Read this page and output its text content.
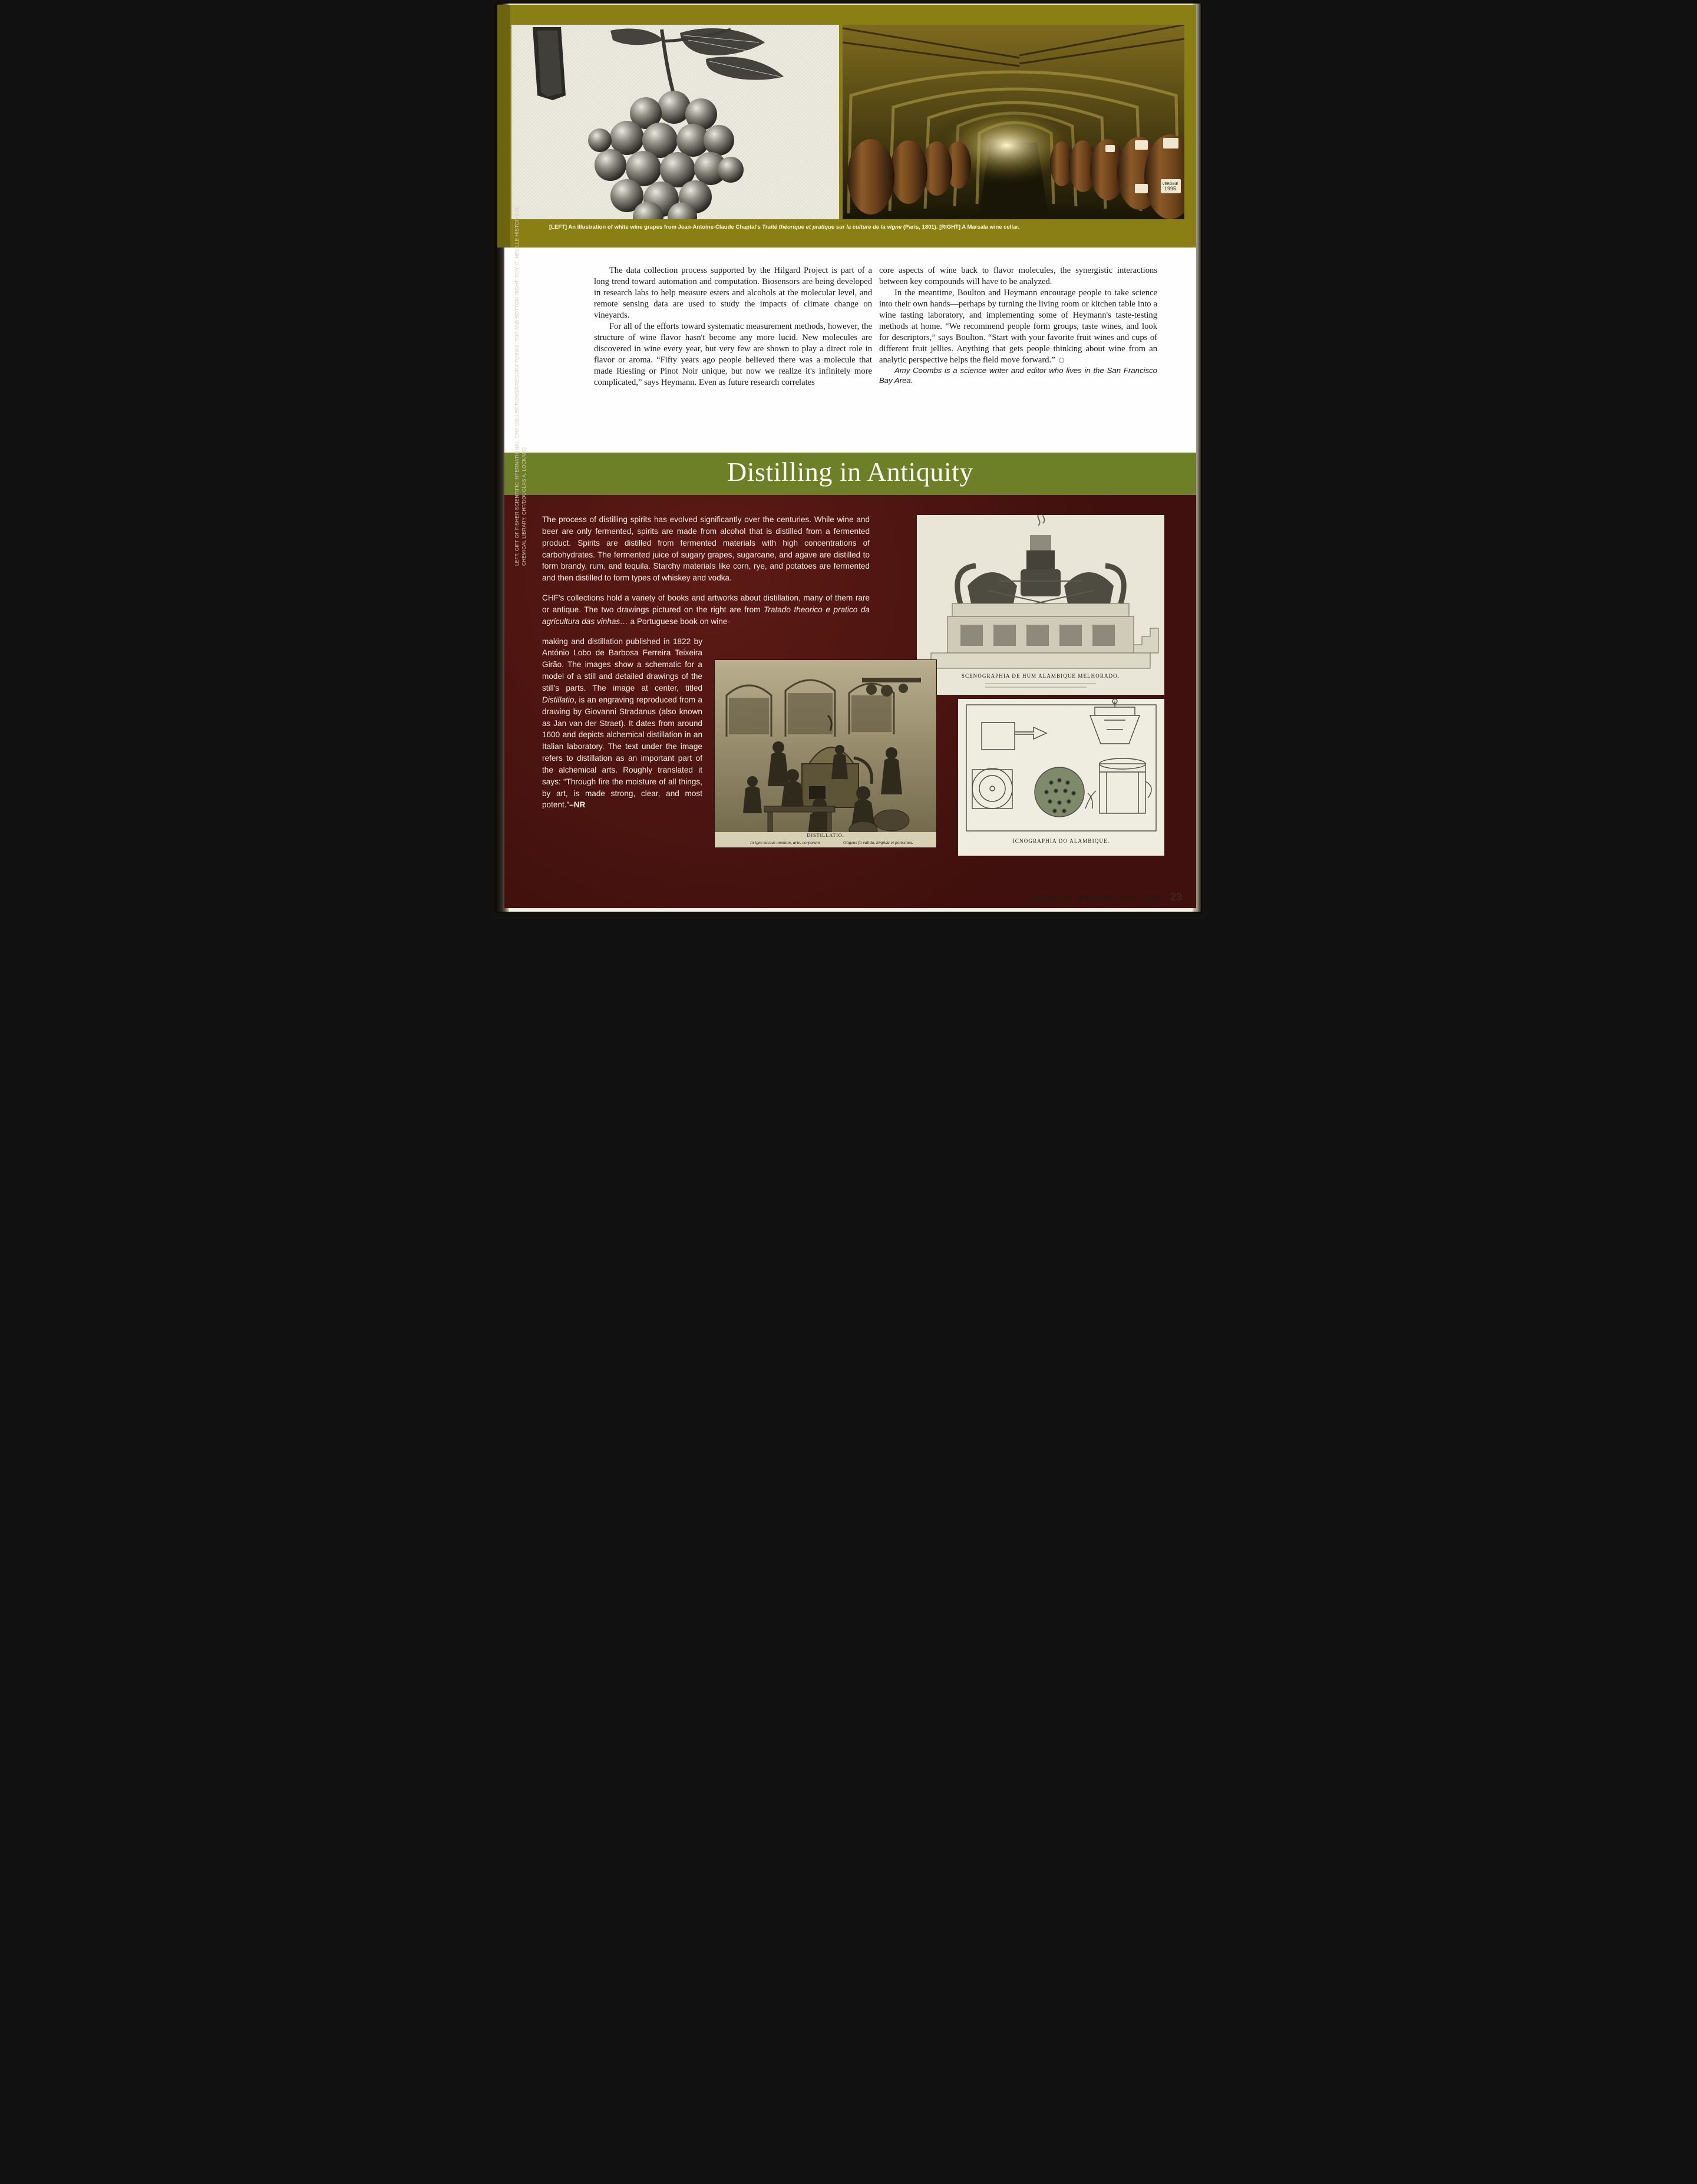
1995
VERGINE
[LEFT] An illustration of white wine grapes from Jean-Antoine-Claude Chaptal's Traité théorique et pratique sur la culture de la vigne (Paris, 1801). [RIGHT] A Marsala wine cellar.

The data collection process supported by the Hilgard Project is part of a long trend toward automation and computation. Biosensors are being developed in research labs to help measure esters and alcohols at the molecular level, and remote sensing data are used to study the impacts of climate change on vineyards.

For all of the efforts toward systematic measurement methods, however, the structure of wine flavor hasn't become any more lucid. New molecules are discovered in wine every year, but very few are shown to play a direct role in flavor or aroma. “Fifty years ago people believed there was a molecule that made Riesling or Pinot Noir unique, but now we realize it's infinitely more complicated,” says Heymann. Even as future research correlates

core aspects of wine back to flavor molecules, the synergistic interactions between key compounds will have to be analyzed.

In the meantime, Boulton and Heymann encourage people to take science into their own hands—perhaps by turning the living room or kitchen table into a wine tasting laboratory, and implementing some of Heymann's taste-testing methods at home. “We recommend people form groups, taste wines, and look for descriptors,” says Boulton. “Start with your favorite fruit wines and cups of different fruit jellies. Anything that gets people thinking about wine from an analytic perspective helps the field move forward.”

Amy Coombs is a science writer and editor who lives in the San Francisco Bay Area.

Distilling in Antiquity
LEFT: GIFT OF FISHER SCIENTIFIC INTERNATIONAL, CHF COLLECTIONS/GREGORY TOBIAS; TOP AND BOTTOM RIGHT: ROY G. NEVILLE HISTORICAL CHEMICAL LIBRARY, CHF/DOUGLAS A. LOCKARD The process of distilling spirits has evolved significantly over the centuries. While wine and beer are only fermented, spirits are made from alcohol that is distilled from a fermented product. Spirits are distilled from fermented materials with high concentrations of carbohydrates. The fermented juice of sugary grapes, sugarcane, and agave are distilled to form brandy, rum, and tequila. Starchy materials like corn, rye, and potatoes are fermented and then distilled to form types of whiskey and vodka.

CHF's collections hold a variety of books and artworks about distillation, many of them rare or antique. The two drawings pictured on the right are from Tratado theorico e pratico da agricultura das vinhas… a Portuguese book on wine-

making and distillation published in 1822 by António Lobo de Barbosa Ferreira Teixeira Girão. The images show a schematic for a model of a still and detailed drawings of the still's parts. The image at center, titled Distillatio, is an engraving reproduced from a drawing by Giovanni Stradanus (also known as Jan van der Straet). It dates from around 1600 and depicts alchemical distillation in an Italian laboratory. The text under the image refers to distillation as an important part of the alchemical arts. Roughly translated it says: “Through fire the moisture of all things, by art, is made strong, clear, and most potent.”–NR

SCENOGRAPHIA DE HUM ALAMBIQUE MELHORADO.
DISTILLATIO.
In igne succus omnium, arte, corporum	Oligens fit valida, limpida et potissima.	ICNOGRAPHIA DO ALAMBIQUE.
CHEMICAL HERITAGE Winter 2008/9 23
